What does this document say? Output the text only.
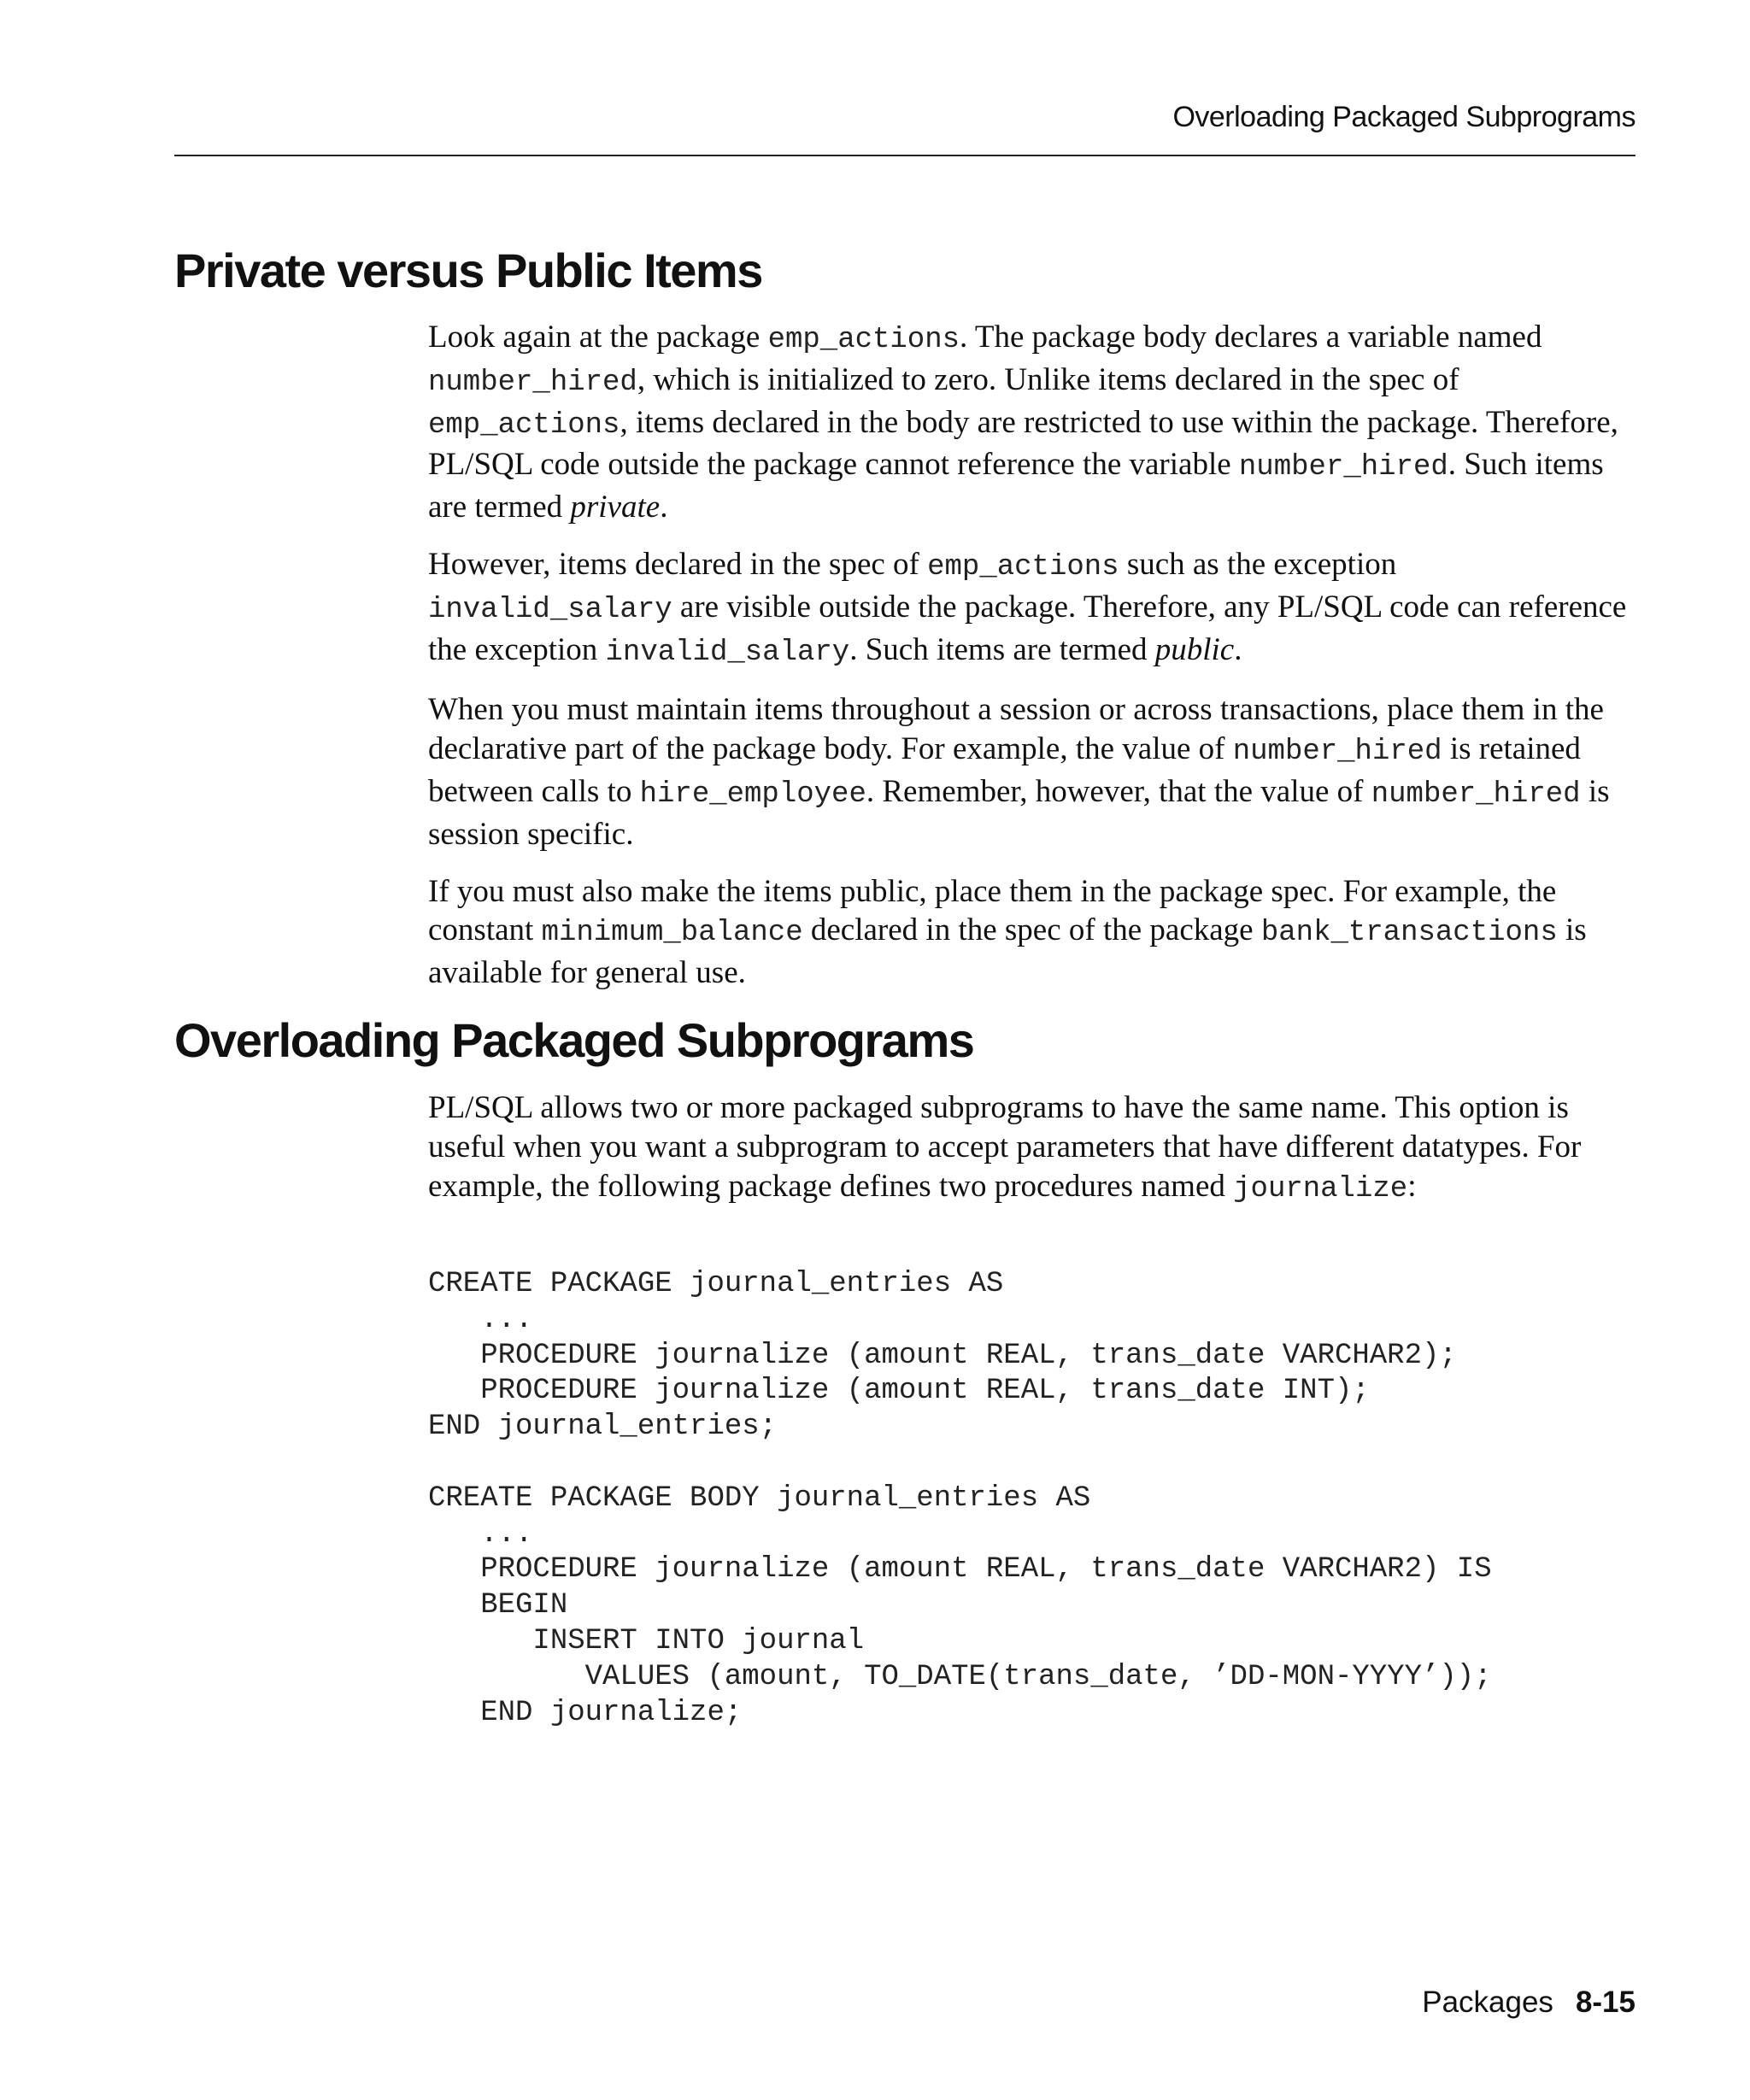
Overloading Packaged Subprograms
Private versus Public Items

Look again at the package emp_actions. The package body declares a variable named number_hired, which is initialized to zero. Unlike items declared in the spec of emp_actions, items declared in the body are restricted to use within the package. Therefore, PL/SQL code outside the package cannot reference the variable number_hired. Such items are termed private.

However, items declared in the spec of emp_actions such as the exception invalid_salary are visible outside the package. Therefore, any PL/SQL code can reference the exception invalid_salary. Such items are termed public.

When you must maintain items throughout a session or across transactions, place them in the declarative part of the package body. For example, the value of number_hired is retained between calls to hire_employee. Remember, however, that the value of number_hired is session specific.

If you must also make the items public, place them in the package spec. For example, the constant minimum_balance declared in the spec of the package bank_transactions is available for general use.

Overloading Packaged Subprograms

PL/SQL allows two or more packaged subprograms to have the same name. This option is useful when you want a subprogram to accept parameters that have different datatypes. For example, the following package defines two procedures named journalize:

CREATE PACKAGE journal_entries AS
...
PROCEDURE journalize (amount REAL, trans_date VARCHAR2);
PROCEDURE journalize (amount REAL, trans_date INT);
END journal_entries;
CREATE PACKAGE BODY journal_entries AS
...
PROCEDURE journalize (amount REAL, trans_date VARCHAR2) IS
BEGIN
INSERT INTO journal
VALUES (amount, TO_DATE(trans_date, ’DD-MON-YYYY’));
END journalize;
Packages 8-15
